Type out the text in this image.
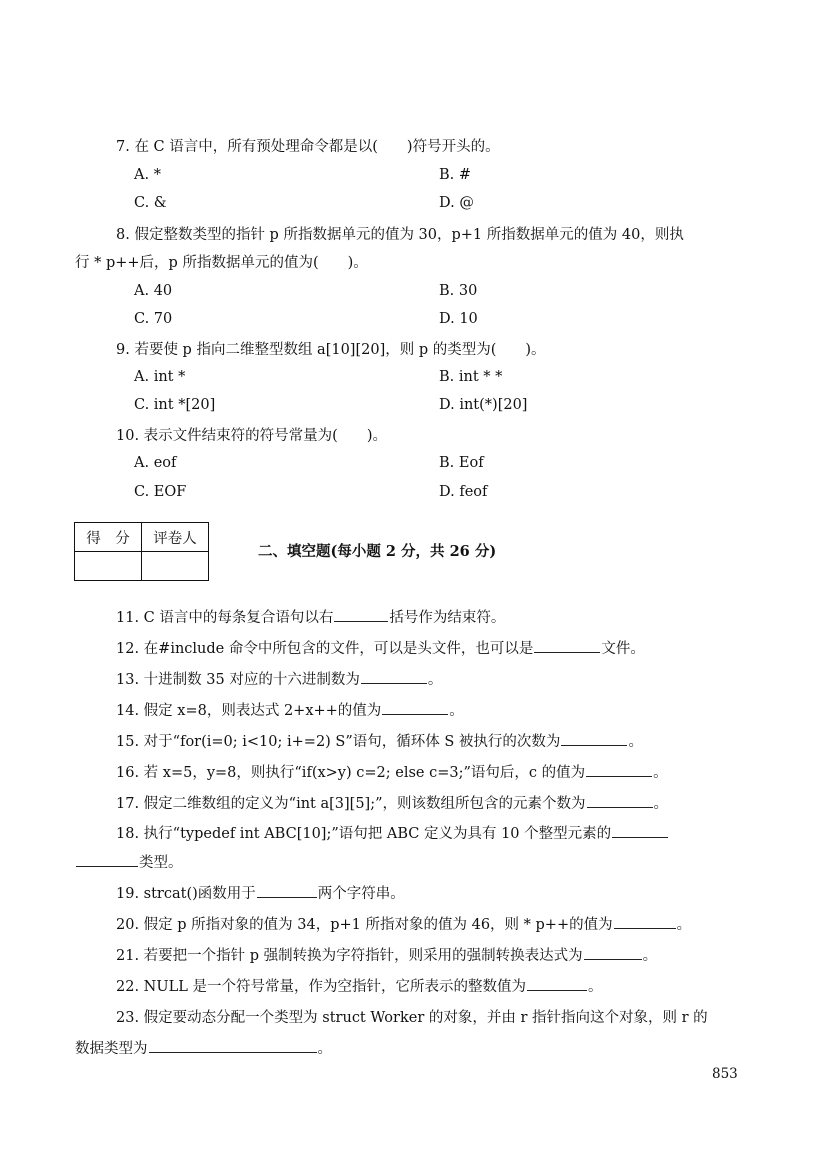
7. 在 C 语言中，所有预处理命令都是以(　　)符号开头的。
A. *	B. #
C. &	D. @
8. 假定整数类型的指针 p 所指数据单元的值为 30，p+1 所指数据单元的值为 40，则执
行 * p++后，p 所指数据单元的值为(　　)。
A. 40	B. 30
C. 70	D. 10
9. 若要使 p 指向二维整型数组 a[10][20]，则 p 的类型为(　　)。
A. int *	B. int * *
C. int *[20]	D. int(*)[20]
10. 表示文件结束符的符号常量为(　　)。
A. eof	B. Eof
C. EOF	D. feof
得　分	评卷人

二、填空题(每小题 2 分，共 26 分)
11. C 语言中的每条复合语句以右	括号作为结束符。
12. 在#include 命令中所包含的文件，可以是头文件，也可以是	文件。
13. 十进制数 35 对应的十六进制数为	。
14. 假定 x=8，则表达式 2+x++的值为	。
15. 对于“for(i=0; i<10; i+=2) S”语句，循环体 S 被执行的次数为	。
16. 若 x=5，y=8，则执行“if(x>y) c=2; else c=3;”语句后，c 的值为	。
17. 假定二维数组的定义为“int a[3][5];”，则该数组所包含的元素个数为	。
18. 执行“typedef int ABC[10];”语句把 ABC 定义为具有 10 个整型元素的
类型。
19. strcat()函数用于	两个字符串。
20. 假定 p 所指对象的值为 34，p+1 所指对象的值为 46，则 * p++的值为	。
21. 若要把一个指针 p 强制转换为字符指针，则采用的强制转换表达式为	。
22. NULL 是一个符号常量，作为空指针，它所表示的整数值为	。
23. 假定要动态分配一个类型为 struct Worker 的对象，并由 r 指针指向这个对象，则 r 的
数据类型为	。
853
